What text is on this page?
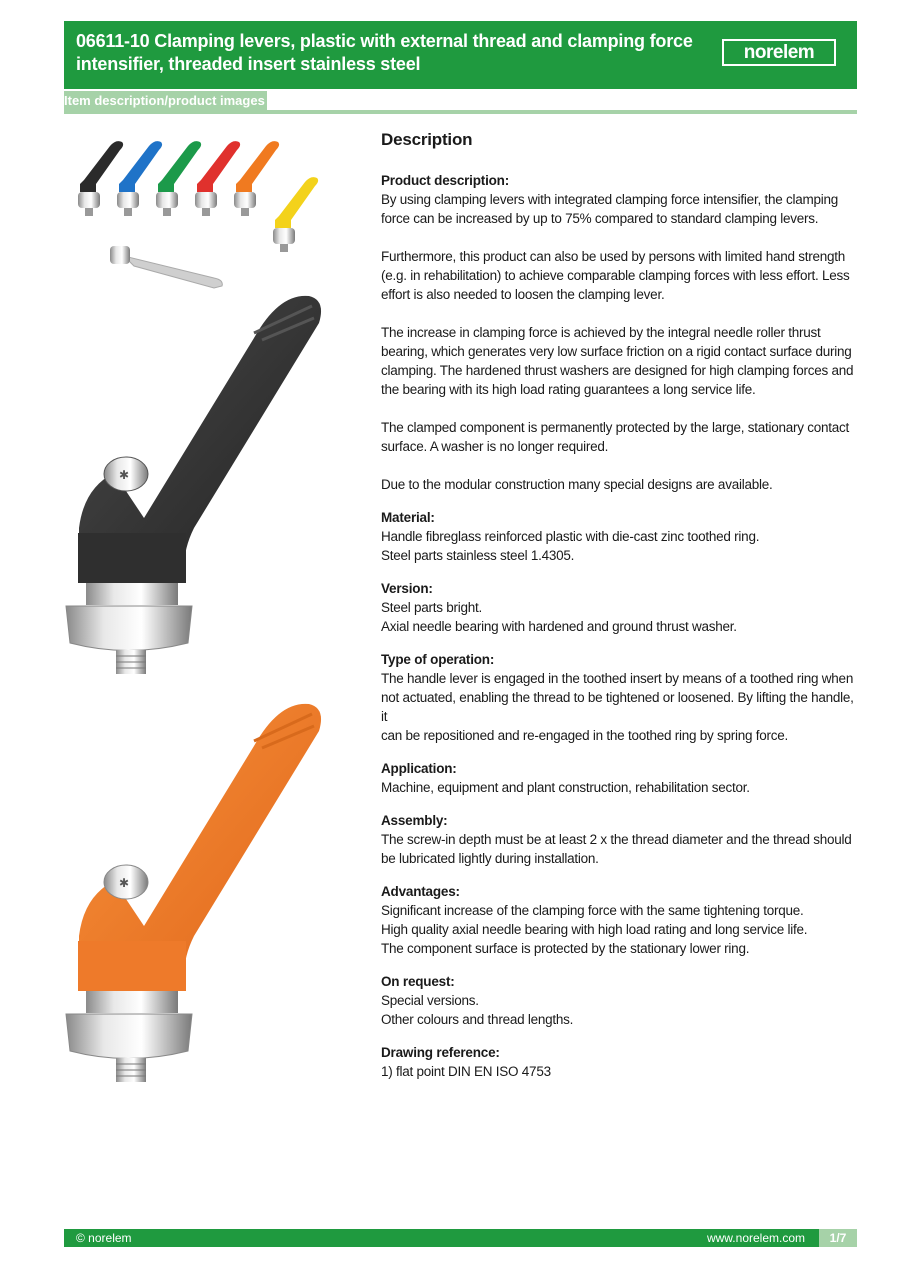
06611-10 Clamping levers, plastic with external thread and clamping force intensifier, threaded insert stainless steel
norelem
Item description/product images
✱
✱
Description
Product description:
By using clamping levers with integrated clamping force intensifier, the clamping
force can be increased by up to 75% compared to standard clamping levers.
Furthermore, this product can also be used by persons with limited hand strength
(e.g. in rehabilitation) to achieve comparable clamping forces with less effort. Less
effort is also needed to loosen the clamping lever.
The increase in clamping force is achieved by the integral needle roller thrust
bearing, which generates very low surface friction on a rigid contact surface during
clamping. The hardened thrust washers are designed for high clamping forces and
the bearing with its high load rating guarantees a long service life.
The clamped component is permanently protected by the large, stationary contact
surface. A washer is no longer required.
Due to the modular construction many special designs are available.
Material:
Handle fibreglass reinforced plastic with die-cast zinc toothed ring.
Steel parts stainless steel 1.4305.
Version:
Steel parts bright.
Axial needle bearing with hardened and ground thrust washer.
Type of operation:
The handle lever is engaged in the toothed insert by means of a toothed ring when
not actuated, enabling the thread to be tightened or loosened. By lifting the handle, it
can be repositioned and re-engaged in the toothed ring by spring force.
Application:
Machine, equipment and plant construction, rehabilitation sector.
Assembly:
The screw-in depth must be at least 2 x the thread diameter and the thread should
be lubricated lightly during installation.
Advantages:
Significant increase of the clamping force with the same tightening torque.
High quality axial needle bearing with high load rating and long service life.
The component surface is protected by the stationary lower ring.
On request:
Special versions.
Other colours and thread lengths.
Drawing reference:
1) flat point DIN EN ISO 4753
© norelem	www.norelem.com	1/7
